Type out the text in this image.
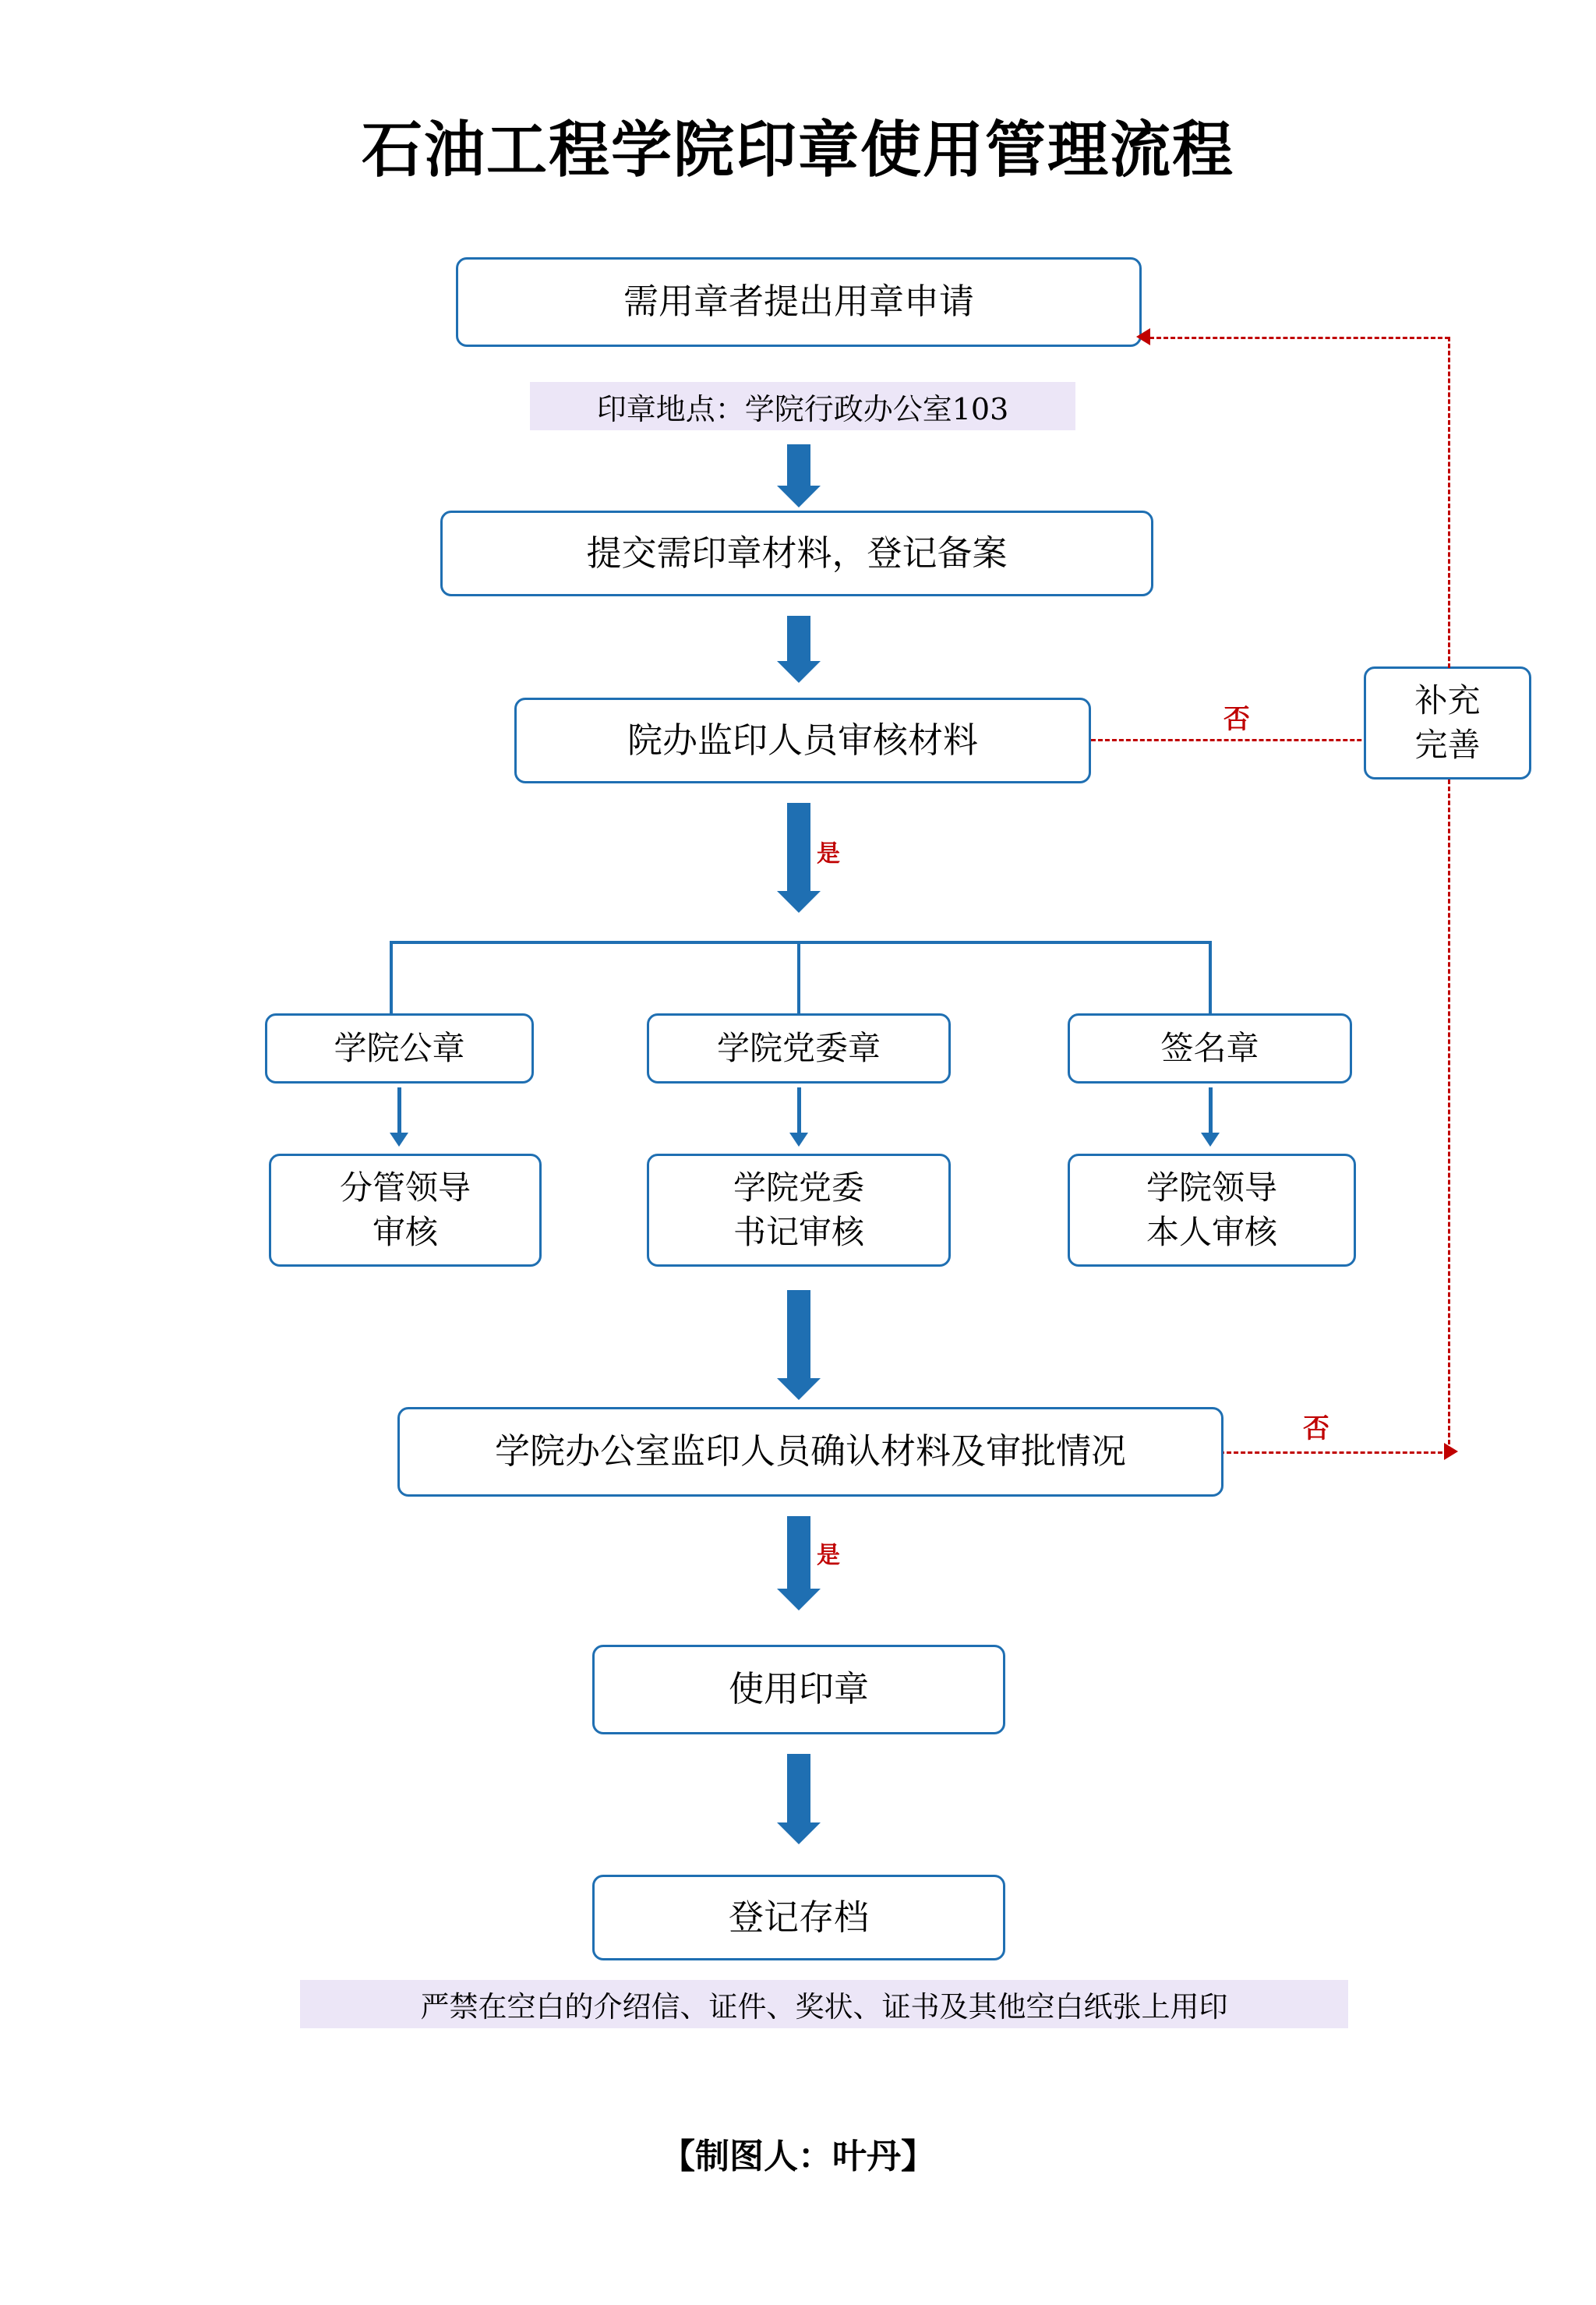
石油工程学院印章使用管理流程
需用章者提出用章申请
印章地点：学院行政办公室103
提交需印章材料，登记备案
院办监印人员审核材料	否
补充
完善
否
是
学院公章	学院党委章	签名章
分管领导
审核
学院党委
书记审核
学院领导
本人审核
学院办公室监印人员确认材料及审批情况
是
使用印章
登记存档
严禁在空白的介绍信、证件、奖状、证书及其他空白纸张上用印
【制图人：叶丹】
